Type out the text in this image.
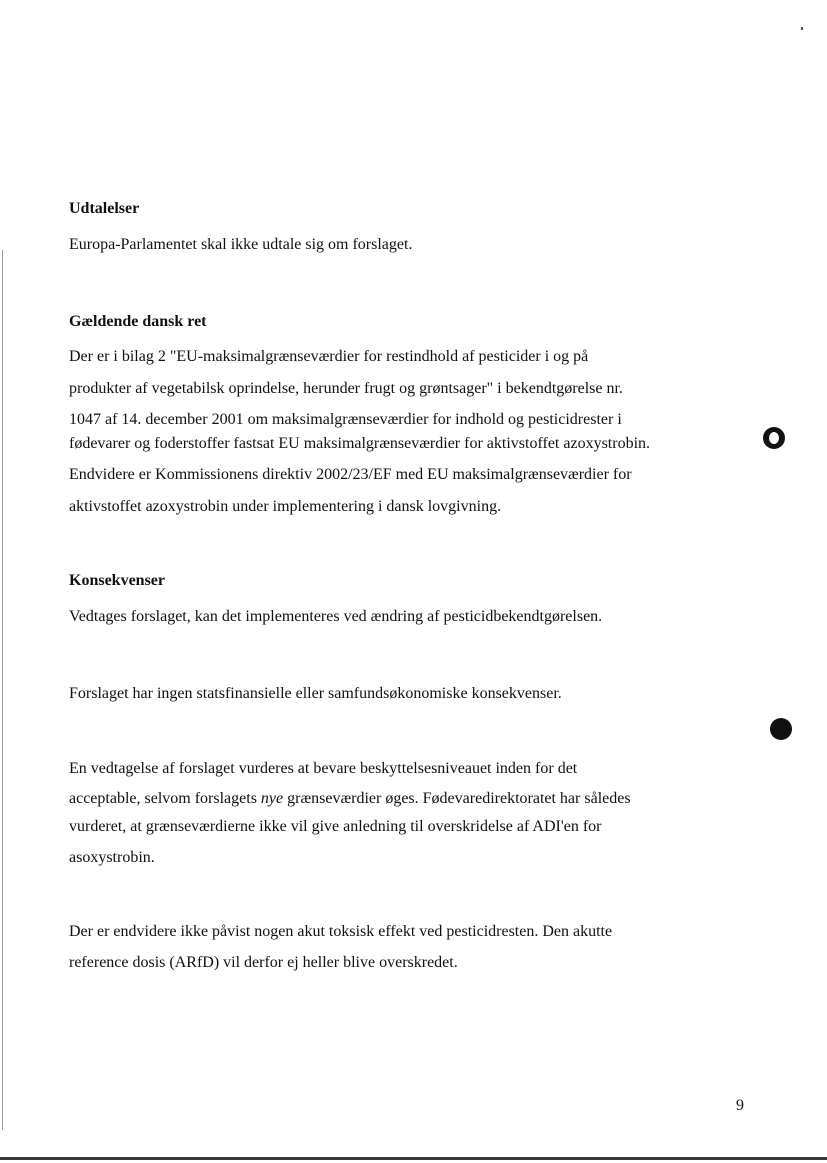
Udtalelser
Europa-Parlamentet skal ikke udtale sig om forslaget.
Gældende dansk ret
Der er i bilag 2 "EU-maksimalgrænseværdier for restindhold af pesticider i og på
produkter af vegetabilsk oprindelse, herunder frugt og grøntsager" i bekendtgørelse nr.
1047 af 14. december 2001 om maksimalgrænseværdier for indhold og pesticidrester i
fødevarer og foderstoffer fastsat EU maksimalgrænseværdier for aktivstoffet azoxystrobin.
Endvidere er Kommissionens direktiv 2002/23/EF med EU maksimalgrænseværdier for
aktivstoffet azoxystrobin under implementering i dansk lovgivning.
Konsekvenser
Vedtages forslaget, kan det implementeres ved ændring af pesticidbekendtgørelsen.
Forslaget har ingen statsfinansielle eller samfundsøkonomiske konsekvenser.
En vedtagelse af forslaget vurderes at bevare beskyttelsesniveauet inden for det
acceptable, selvom forslagets nye grænseværdier øges. Fødevaredirektoratet har således
vurderet, at grænseværdierne ikke vil give anledning til overskridelse af ADI'en for
asoxystrobin.
Der er endvidere ikke påvist nogen akut toksisk effekt ved pesticidresten. Den akutte
reference dosis (ARfD) vil derfor ej heller blive overskredet.
9
